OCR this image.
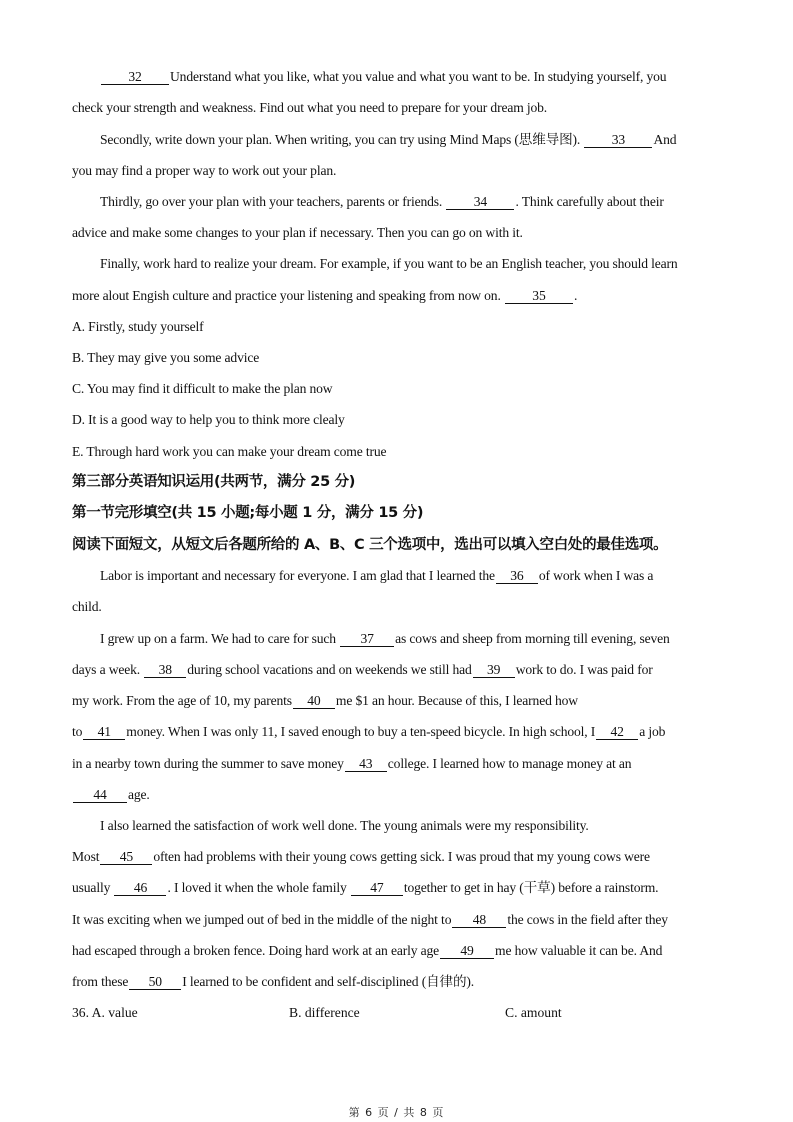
32 Understand what you like, what you value and what you want to be. In studying yourself, you
check your strength and weakness. Find out what you need to prepare for your dream job.
Secondly, write down your plan. When writing, you can try using Mind Maps (思维导图). 33 And
you may find a proper way to work out your plan.
Thirdly, go over your plan with your teachers, parents or friends. 34 . Think carefully about their
advice and make some changes to your plan if necessary. Then you can go on with it.
Finally, work hard to realize your dream. For example, if you want to be an English teacher, you should learn
more alout Engish culture and practice your listening and speaking from now on. 35 .
A. Firstly, study yourself
B. They may give you some advice
C. You may find it difficult to make the plan now
D. It is a good way to help you to think more clealy
E. Through hard work you can make your dream come true
第三部分英语知识运用(共两节，满分 25 分)
第一节完形填空(共 15 小题;每小题 1 分，满分 15 分)
阅读下面短文，从短文后各题所给的 A、B、C 三个选项中，选出可以填入空白处的最佳选项。
Labor is important and necessary for everyone. I am glad that I learned the 36 of work when I was a
child.
I grew up on a farm. We had to care for such 37 as cows and sheep from morning till evening, seven
days a week. 38 during school vacations and on weekends we still had 39 work to do. I was paid for
my work. From the age of 10, my parents 40 me $1 an hour. Because of this, I learned how
to 41 money. When I was only 11, I saved enough to buy a ten-speed bicycle. In high school, I 42 a job
in a nearby town during the summer to save money 43 college. I learned how to manage money at an
44 age.
I also learned the satisfaction of work well done. The young animals were my responsibility.
Most 45 often had problems with their young cows getting sick. I was proud that my young cows were
usually 46 . I loved it when the whole family 47 together to get in hay (干草) before a rainstorm.
It was exciting when we jumped out of bed in the middle of the night to 48 the cows in the field after they
had escaped through a broken fence. Doing hard work at an early age 49 me how valuable it can be. And
from these 50 I learned to be confident and self-disciplined (自律的).
36. A. value	B. difference	C. amount
第 6 页 / 共 8 页
